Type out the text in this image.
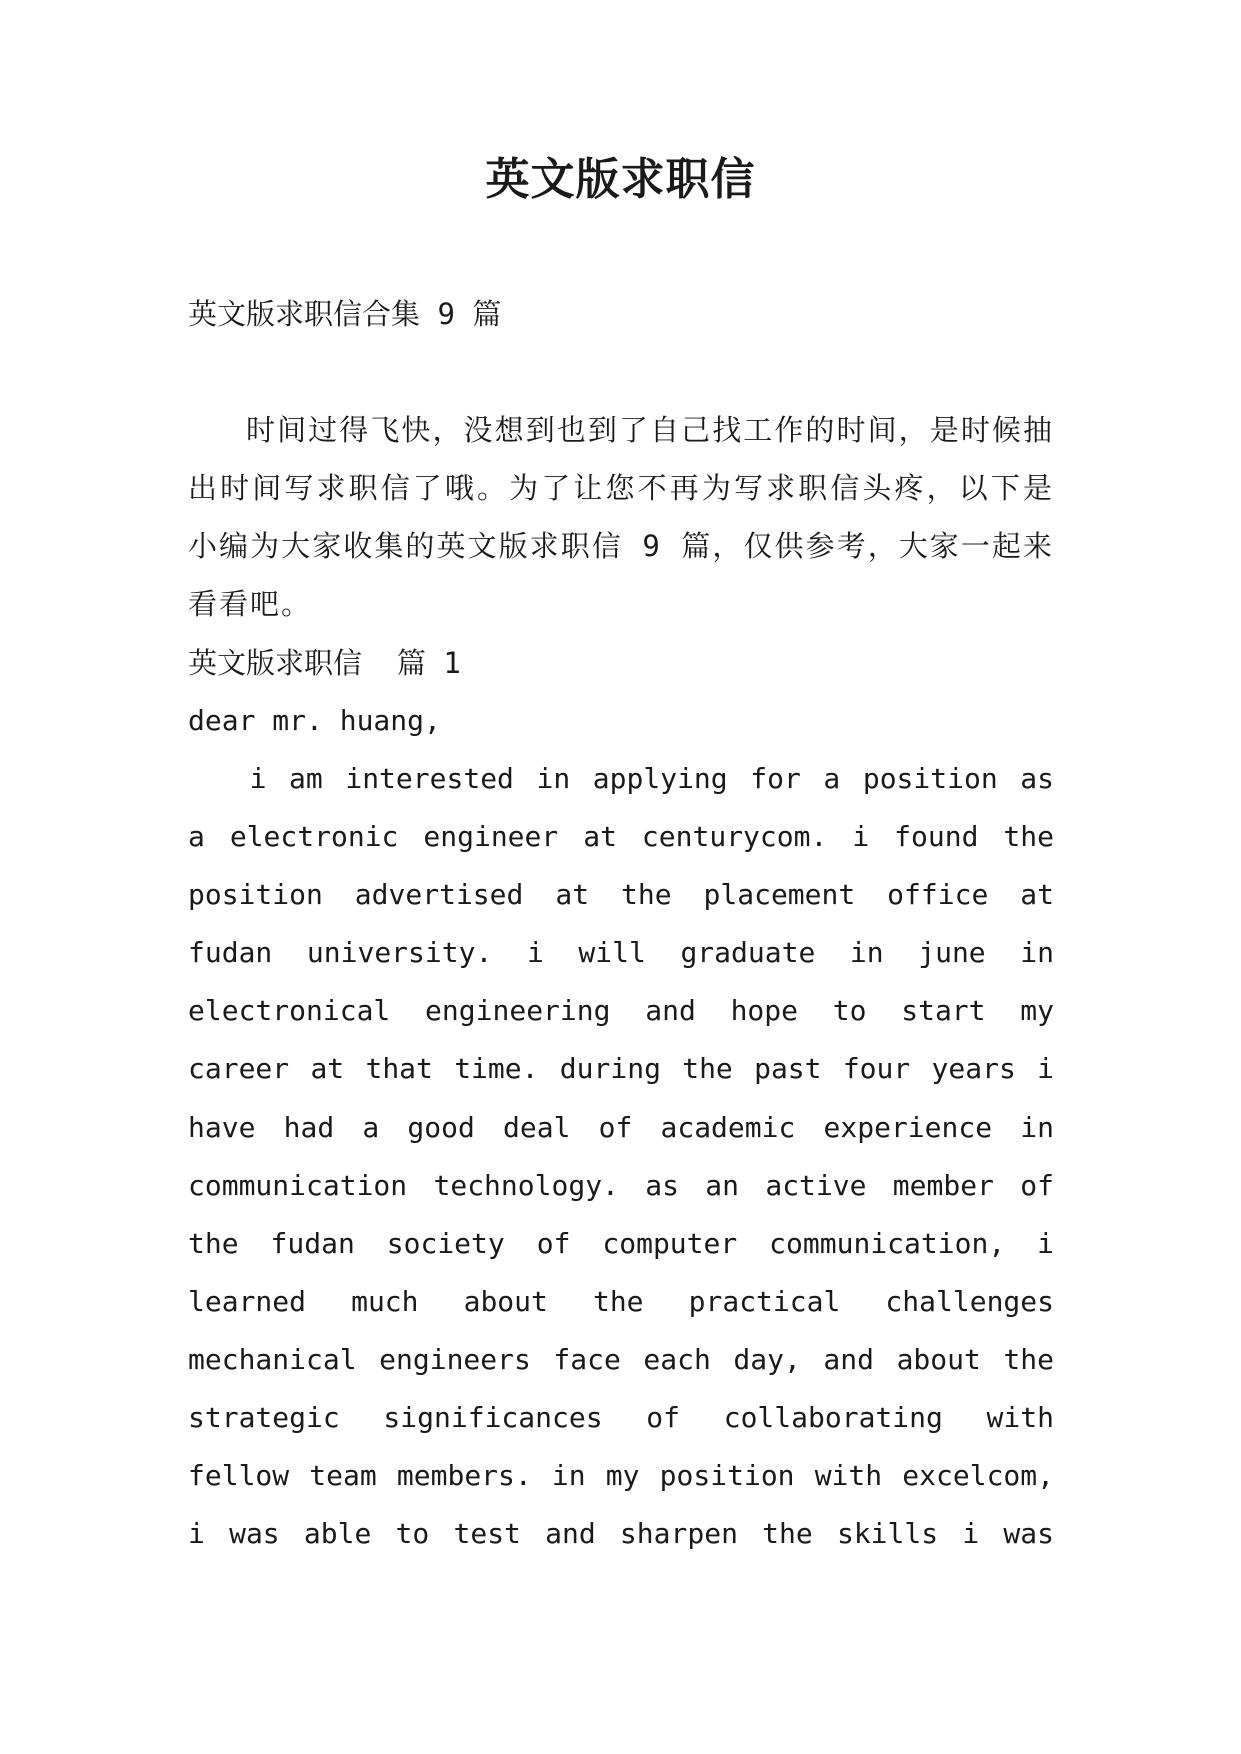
英文版求职信
英文版求职信合集 9 篇
时间过得飞快，没想到也到了自己找工作的时间，是时候抽出时间写求职信了哦。为了让您不再为写求职信头疼，以下是小编为大家收集的英文版求职信 9 篇，仅供参考，大家一起来看看吧。
英文版求职信  篇 1
dear mr. huang,
i am interested in applying for a position as a electronic engineer at centurycom. i found the position advertised at the placement office at fudan university. i will graduate in june in electronical engineering and hope to start my career at that time. during the past four years i have had a good deal of academic experience in communication technology. as an active member of the fudan society of computer communication, i learned much about the practical challenges mechanical engineers face each day, and about the strategic significances of collaborating with fellow team members. in my position with excelcom, i was able to test and sharpen the skills i was
